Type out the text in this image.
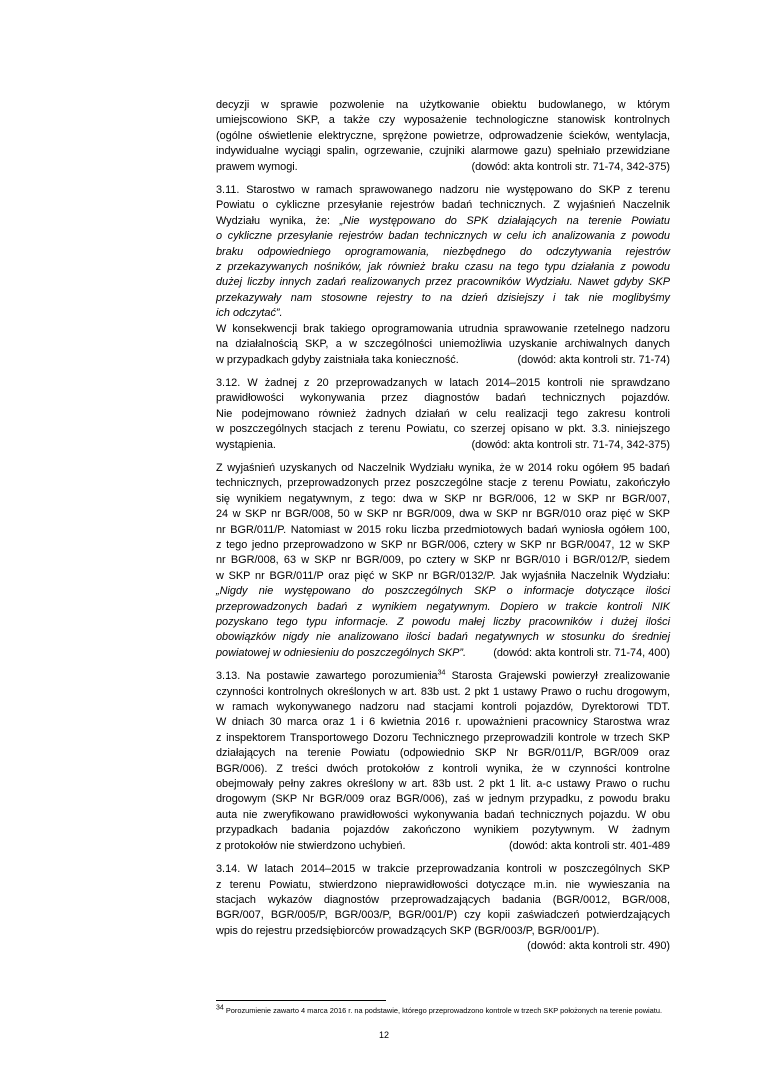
decyzji w sprawie pozwolenie na użytkowanie obiektu budowlanego, w którym
umiejscowiono SKP, a także czy wyposażenie technologiczne stanowisk kontrolnych
(ogólne oświetlenie elektryczne, sprężone powietrze, odprowadzenie ścieków, wentylacja,
indywidualne wyciągi spalin, ogrzewanie, czujniki alarmowe gazu) spełniało przewidziane
prawem wymogi.	(dowód: akta kontroli str. 71-74, 342-375)
3.11. Starostwo w ramach sprawowanego nadzoru nie występowano do SKP z terenu
Powiatu o cykliczne przesyłanie rejestrów badań technicznych. Z wyjaśnień Naczelnik
Wydziału wynika, że: „Nie występowano do SPK działających na terenie Powiatu
o cykliczne przesyłanie rejestrów badan technicznych w celu ich analizowania z powodu
braku odpowiedniego oprogramowania, niezbędnego do odczytywania rejestrów
z przekazywanych nośników, jak również braku czasu na tego typu działania z powodu
dużej liczby innych zadań realizowanych przez pracowników Wydziału. Nawet gdyby SKP
przekazywały nam stosowne rejestry to na dzień dzisiejszy i tak nie moglibyśmy
ich odczytać”.
W konsekwencji brak takiego oprogramowania utrudnia sprawowanie rzetelnego nadzoru
na działalnością SKP, a w szczególności uniemożliwia uzyskanie archiwalnych danych
w przypadkach gdyby zaistniała taka konieczność.	(dowód: akta kontroli str. 71-74)
3.12. W żadnej z 20 przeprowadzanych w latach 2014–2015 kontroli nie sprawdzano
prawidłowości wykonywania przez diagnostów badań technicznych pojazdów.
Nie podejmowano również żadnych działań w celu realizacji tego zakresu kontroli
w poszczególnych stacjach z terenu Powiatu, co szerzej opisano w pkt. 3.3. niniejszego
wystąpienia.	(dowód: akta kontroli str. 71-74, 342-375)
Z wyjaśnień uzyskanych od Naczelnik Wydziału wynika, że w 2014 roku ogółem 95 badań
technicznych, przeprowadzonych przez poszczególne stacje z terenu Powiatu, zakończyło
się wynikiem negatywnym, z tego: dwa w SKP nr BGR/006, 12 w SKP nr BGR/007,
24 w SKP nr BGR/008, 50 w SKP nr BGR/009, dwa w SKP nr BGR/010 oraz pięć w SKP
nr BGR/011/P. Natomiast w 2015 roku liczba przedmiotowych badań wyniosła ogółem 100,
z tego jedno przeprowadzono w SKP nr BGR/006, cztery w SKP nr BGR/0047, 12 w SKP
nr BGR/008, 63 w SKP nr BGR/009, po cztery w SKP nr BGR/010 i BGR/012/P, siedem
w SKP nr BGR/011/P oraz pięć w SKP nr BGR/0132/P. Jak wyjaśniła Naczelnik Wydziału:
„Nigdy nie występowano do poszczególnych SKP o informacje dotyczące ilości
przeprowadzonych badań z wynikiem negatywnym. Dopiero w trakcie kontroli NIK
pozyskano tego typu informacje. Z powodu małej liczby pracowników i dużej ilości
obowiązków nigdy nie analizowano ilości badań negatywnych w stosunku do średniej
powiatowej w odniesieniu do poszczególnych SKP”. (dowód: akta kontroli str. 71-74, 400)
3.13. Na postawie zawartego porozumienia$^{34}$ Starosta Grajewski powierzył zrealizowanie
czynności kontrolnych określonych w art. 83b ust. 2 pkt 1 ustawy Prawo o ruchu drogowym,
w ramach wykonywanego nadzoru nad stacjami kontroli pojazdów, Dyrektorowi TDT.
W dniach 30 marca oraz 1 i 6 kwietnia 2016 r. upoważnieni pracownicy Starostwa wraz
z inspektorem Transportowego Dozoru Technicznego przeprowadzili kontrole w trzech SKP
działających na terenie Powiatu (odpowiednio SKP Nr BGR/011/P, BGR/009 oraz
BGR/006). Z treści dwóch protokołów z kontroli wynika, że w czynności kontrolne
obejmowały pełny zakres określony w art. 83b ust. 2 pkt 1 lit. a-c ustawy Prawo o ruchu
drogowym (SKP Nr BGR/009 oraz BGR/006), zaś w jednym przypadku, z powodu braku
auta nie zweryfikowano prawidłowości wykonywania badań technicznych pojazdu. W obu
przypadkach badania pojazdów zakończono wynikiem pozytywnym. W żadnym
z protokołów nie stwierdzono uchybień.	(dowód: akta kontroli str. 401-489
3.14. W latach 2014–2015 w trakcie przeprowadzania kontroli w poszczególnych SKP
z terenu Powiatu, stwierdzono nieprawidłowości dotyczące m.in. nie wywieszania na
stacjach wykazów diagnostów przeprowadzających badania (BGR/0012, BGR/008,
BGR/007, BGR/005/P, BGR/003/P, BGR/001/P) czy kopii zaświadczeń potwierdzających
wpis do rejestru przedsiębiorców prowadzących SKP (BGR/003/P, BGR/001/P).
(dowód: akta kontroli str. 490)
$^{34}$ Porozumienie zawarto 4 marca 2016 r. na podstawie, którego przeprowadzono kontrole w trzech SKP położonych na terenie powiatu.
12
